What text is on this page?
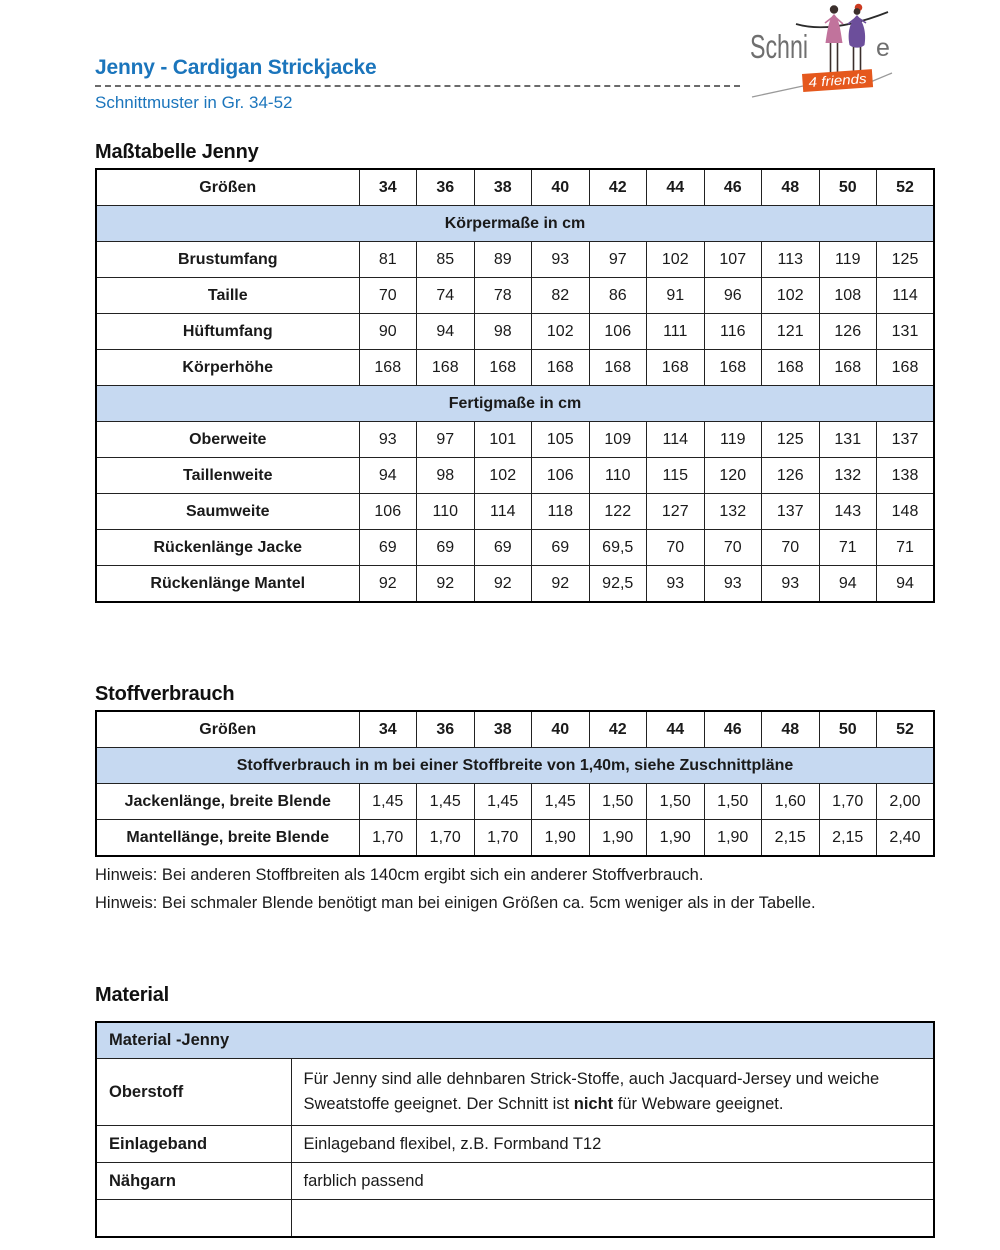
Schni	e
4 friends
Jenny - Cardigan Strickjacke
Schnittmuster in Gr. 34-52
Maßtabelle Jenny
Größen	34	36	38	40	42	44	46	48	50	52
Körpermaße in cm										
Brustumfang	81	85	89	93	97	102	107	113	119	125
Taille	70	74	78	82	86	91	96	102	108	114
Hüftumfang	90	94	98	102	106	111	116	121	126	131
Körperhöhe	168	168	168	168	168	168	168	168	168	168
Fertigmaße in cm										
Oberweite	93	97	101	105	109	114	119	125	131	137
Taillenweite	94	98	102	106	110	115	120	126	132	138
Saumweite	106	110	114	118	122	127	132	137	143	148
Rückenlänge Jacke	69	69	69	69	69,5	70	70	70	71	71
Rückenlänge Mantel	92	92	92	92	92,5	93	93	93	94	94
Stoffverbrauch
Größen	34	36	38	40	42	44	46	48	50	52
Stoffverbrauch in m bei einer Stoffbreite von 1,40m, siehe Zuschnittpläne										
Jackenlänge, breite Blende	1,45	1,45	1,45	1,45	1,50	1,50	1,50	1,60	1,70	2,00
Mantellänge, breite Blende	1,70	1,70	1,70	1,90	1,90	1,90	1,90	2,15	2,15	2,40

Hinweis: Bei anderen Stoffbreiten als 140cm ergibt sich ein anderer Stoffverbrauch.

Hinweis: Bei schmaler Blende benötigt man bei einigen Größen ca. 5cm weniger als in der Tabelle.

Material
Material -Jenny	
Oberstoff	Für Jenny sind alle dehnbaren Strick-Stoffe, auch Jacquard-Jersey und weiche Sweatstoffe geeignet. Der Schnitt ist nicht für Webware geeignet.
Einlageband	Einlageband flexibel, z.B. Formband T12
Nähgarn	farblich passend
